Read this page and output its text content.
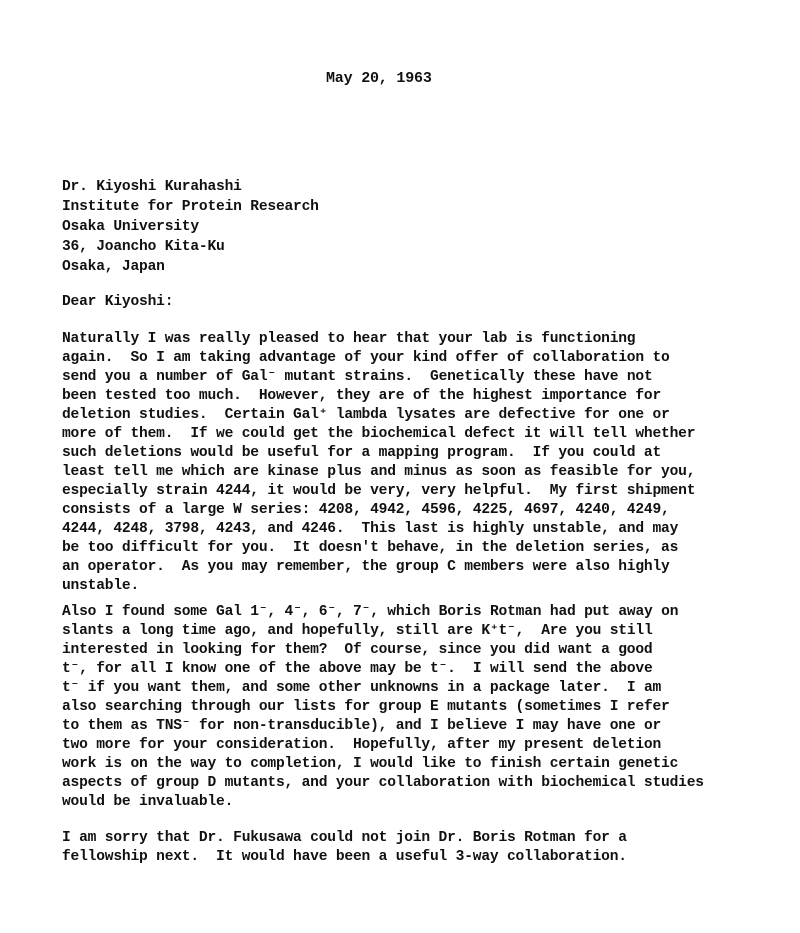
May 20, 1963
Dr. Kiyoshi Kurahashi
Institute for Protein Research
Osaka University
36, Joancho Kita-Ku
Osaka, Japan
Dear Kiyoshi:
Naturally I was really pleased to hear that your lab is functioning
again.  So I am taking advantage of your kind offer of collaboration to
send you a number of Gal⁻ mutant strains.  Genetically these have not
been tested too much.  However, they are of the highest importance for
deletion studies.  Certain Gal⁺ lambda lysates are defective for one or
more of them.  If we could get the biochemical defect it will tell whether
such deletions would be useful for a mapping program.  If you could at
least tell me which are kinase plus and minus as soon as feasible for you,
especially strain 4244, it would be very, very helpful.  My first shipment
consists of a large W series: 4208, 4942, 4596, 4225, 4697, 4240, 4249,
4244, 4248, 3798, 4243, and 4246.  This last is highly unstable, and may
be too difficult for you.  It doesn't behave, in the deletion series, as
an operator.  As you may remember, the group C members were also highly
unstable.
Also I found some Gal 1⁻, 4⁻, 6⁻, 7⁻, which Boris Rotman had put away on
slants a long time ago, and hopefully, still are K⁺t⁻,  Are you still
interested in looking for them?  Of course, since you did want a good
t⁻, for all I know one of the above may be t⁻.  I will send the above
t⁻ if you want them, and some other unknowns in a package later.  I am
also searching through our lists for group E mutants (sometimes I refer
to them as TNS⁻ for non-transducible), and I believe I may have one or
two more for your consideration.  Hopefully, after my present deletion
work is on the way to completion, I would like to finish certain genetic
aspects of group D mutants, and your collaboration with biochemical studies
would be invaluable.
I am sorry that Dr. Fukusawa could not join Dr. Boris Rotman for a
fellowship next.  It would have been a useful 3-way collaboration.
